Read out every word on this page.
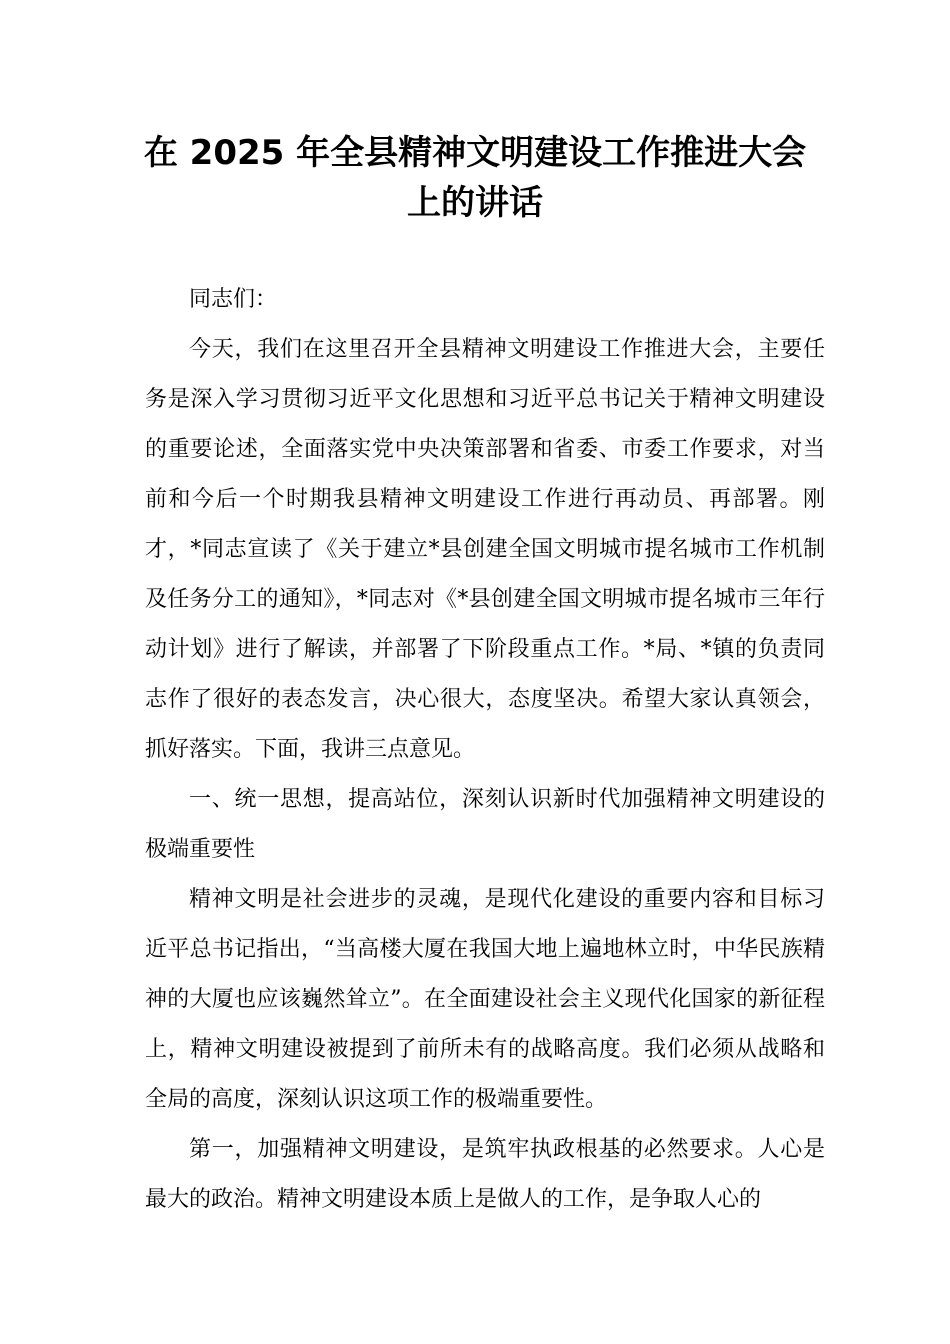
在 2025 年全县精神文明建设工作推进大会
上的讲话

同志们：

今天，我们在这里召开全县精神文明建设工作推进大会，主要任务是深入学习贯彻习近平文化思想和习近平总书记关于精神文明建设的重要论述，全面落实党中央决策部署和省委、市委工作要求，对当前和今后一个时期我县精神文明建设工作进行再动员、再部署。刚才，*同志宣读了《关于建立*县创建全国文明城市提名城市工作机制及任务分工的通知》，*同志对《*县创建全国文明城市提名城市三年行动计划》进行了解读，并部署了下阶段重点工作。*局、*镇的负责同志作了很好的表态发言，决心很大，态度坚决。希望大家认真领会，抓好落实。下面，我讲三点意见。

一、统一思想，提高站位，深刻认识新时代加强精神文明建设的极端重要性

精神文明是社会进步的灵魂，是现代化建设的重要内容和目标习近平总书记指出，“当高楼大厦在我国大地上遍地林立时，中华民族精神的大厦也应该巍然耸立”。在全面建设社会主义现代化国家的新征程上，精神文明建设被提到了前所未有的战略高度。我们必须从战略和全局的高度，深刻认识这项工作的极端重要性。

第一，加强精神文明建设，是筑牢执政根基的必然要求。人心是最大的政治。精神文明建设本质上是做人的工作，是争取人心的
